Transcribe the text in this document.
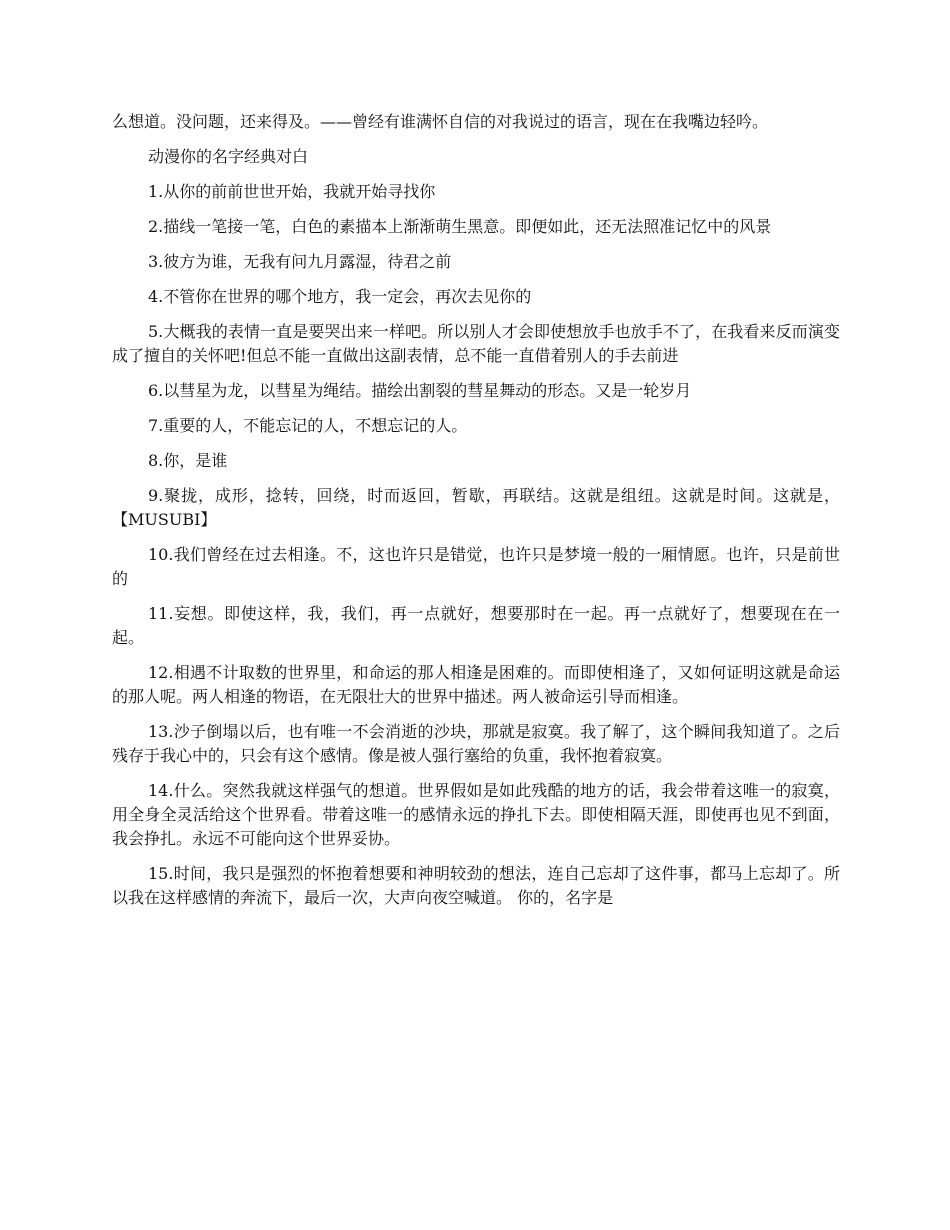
么想道。没问题，还来得及。——曾经有谁满怀自信的对我说过的语言，现在在我嘴边轻吟。

动漫你的名字经典对白

1.从你的前前世世开始，我就开始寻找你

2.描线一笔接一笔，白色的素描本上渐渐萌生黑意。即便如此，还无法照准记忆中的风景

3.彼方为谁，无我有问九月露湿，待君之前

4.不管你在世界的哪个地方，我一定会，再次去见你的

5.大概我的表情一直是要哭出来一样吧。所以别人才会即使想放手也放手不了，在我看来反而演变成了擅自的关怀吧!但总不能一直做出这副表情，总不能一直借着别人的手去前进

6.以彗星为龙，以彗星为绳结。描绘出割裂的彗星舞动的形态。又是一轮岁月

7.重要的人，不能忘记的人，不想忘记的人。

8.你，是谁

9.聚拢，成形，捻转，回绕，时而返回，暂歇，再联结。这就是组纽。这就是时间。这就是，【MUSUBI】

10.我们曾经在过去相逢。不，这也许只是错觉，也许只是梦境一般的一厢情愿。也许，只是前世的

11.妄想。即使这样，我，我们，再一点就好，想要那时在一起。再一点就好了，想要现在在一起。

12.相遇不计取数的世界里，和命运的那人相逢是困难的。而即使相逢了，又如何证明这就是命运的那人呢。两人相逢的物语，在无限壮大的世界中描述。两人被命运引导而相逢。

13.沙子倒塌以后，也有唯一不会消逝的沙块，那就是寂寞。我了解了，这个瞬间我知道了。之后残存于我心中的，只会有这个感情。像是被人强行塞给的负重，我怀抱着寂寞。

14.什么。突然我就这样强气的想道。世界假如是如此残酷的地方的话，我会带着这唯一的寂寞，用全身全灵活给这个世界看。带着这唯一的感情永远的挣扎下去。即使相隔天涯，即使再也见不到面，我会挣扎。永远不可能向这个世界妥协。

15.时间，我只是强烈的怀抱着想要和神明较劲的想法，连自己忘却了这件事，都马上忘却了。所以我在这样感情的奔流下，最后一次，大声向夜空喊道。 你的，名字是
